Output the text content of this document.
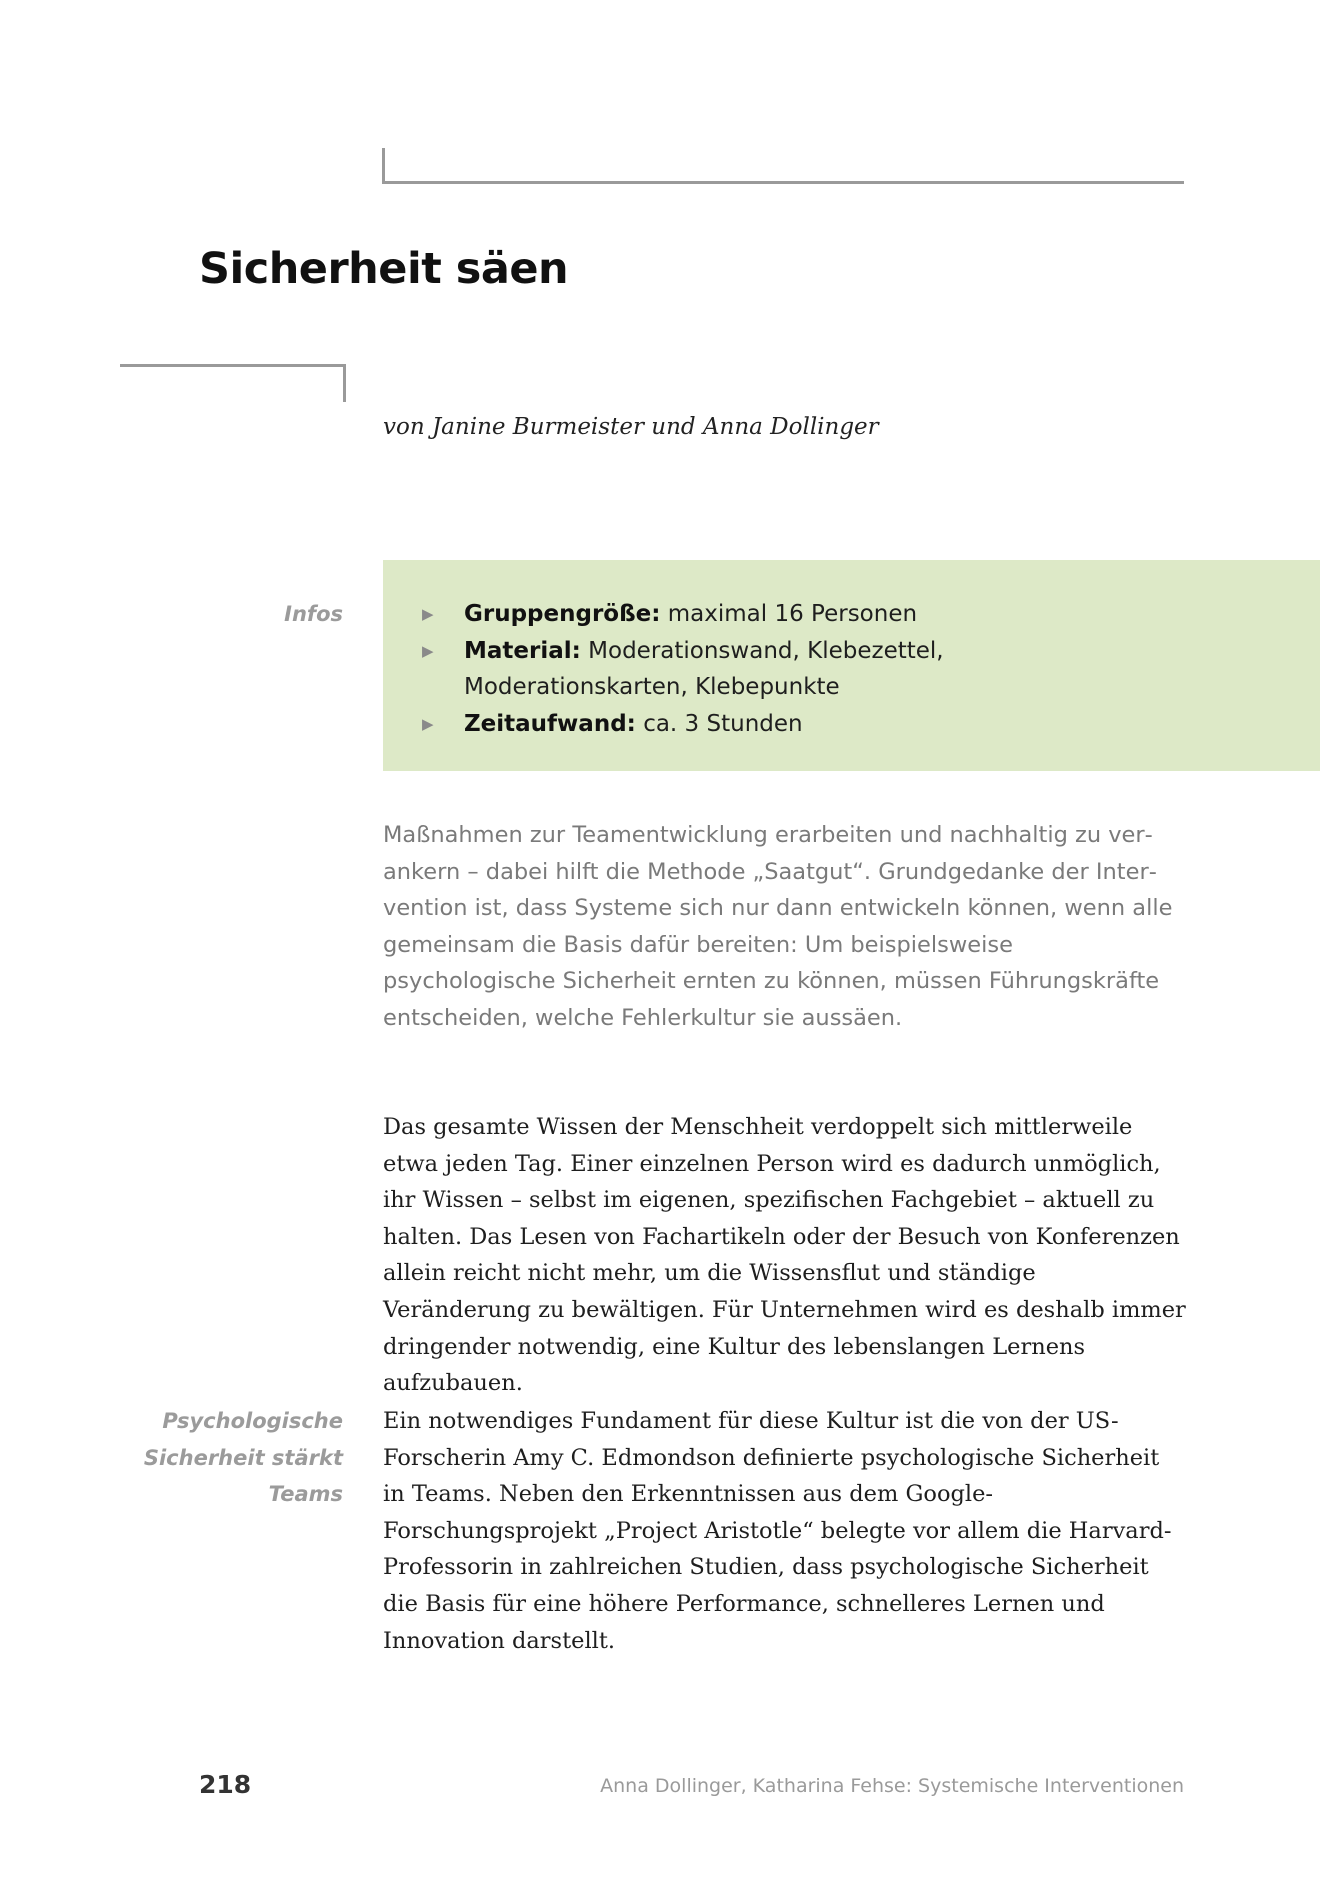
Sicherheit säen
von Janine Burmeister und Anna Dollinger
Infos	▶ Gruppengröße: maximal 16 Personen
▶ Material: Moderationswand, Klebezettel, Moderationskarten, Klebepunkte
▶ Zeitaufwand: ca. 3 Stunden

Maßnahmen zur Teamentwicklung erarbeiten und nachhaltig zu verankern – dabei hilft die Methode „Saatgut“. Grundgedanke der Intervention ist, dass Systeme sich nur dann entwickeln können, wenn alle gemeinsam die Basis dafür bereiten: Um beispielsweise psychologische Sicherheit ernten zu können, müssen Führungskräfte entscheiden, welche Fehlerkultur sie aussäen.

Das gesamte Wissen der Menschheit verdoppelt sich mittlerweile etwa jeden Tag. Einer einzelnen Person wird es dadurch unmöglich, ihr Wissen – selbst im eigenen, spezifischen Fachgebiet – aktuell zu halten. Das Lesen von Fachartikeln oder der Besuch von Konferenzen allein reicht nicht mehr, um die Wissensflut und ständige Veränderung zu bewältigen. Für Unternehmen wird es deshalb immer dringender notwendig, eine Kultur des lebenslangen Lernens aufzubauen.

Psychologische Sicherheit stärkt Teams

Ein notwendiges Fundament für diese Kultur ist die von der US-Forscherin Amy C. Edmondson definierte psychologische Sicherheit in Teams. Neben den Erkenntnissen aus dem Google-Forschungsprojekt „Project Aristotle“ belegte vor allem die Harvard-Professorin in zahlreichen Studien, dass psychologische Sicherheit die Basis für eine höhere Performance, schnelleres Lernen und Innovation darstellt.

218	Anna Dollinger, Katharina Fehse: Systemische Interventionen
